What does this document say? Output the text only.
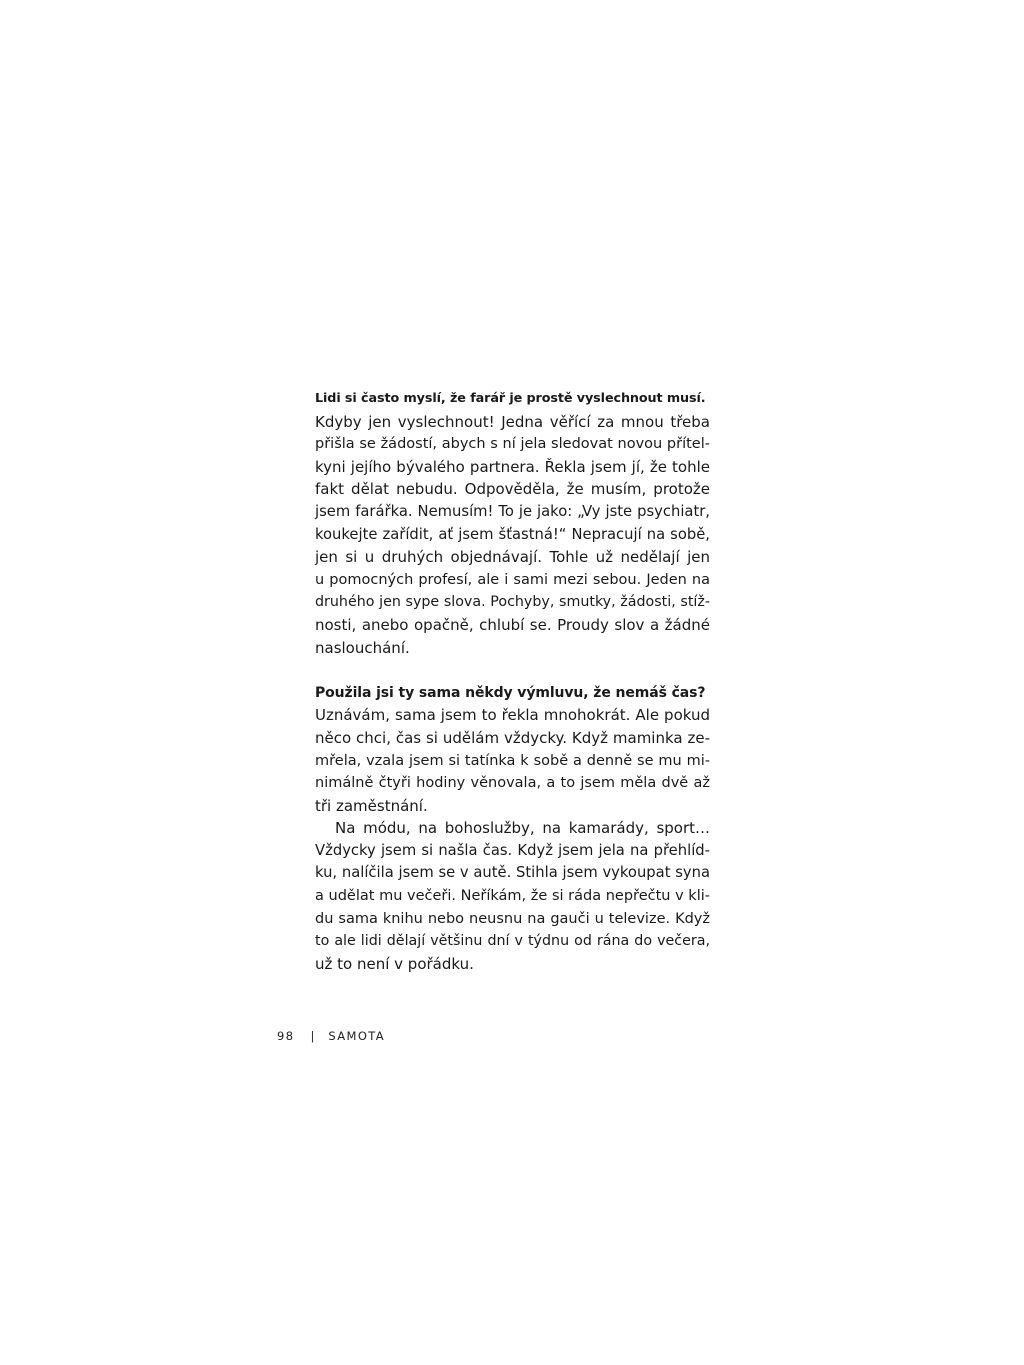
Lidi si často myslí, že farář je prostě vyslechnout musí.
Kdyby jen vyslechnout! Jedna věřící za mnou třeba
přišla se žádostí, abych s ní jela sledovat novou přítel-
kyni jejího bývalého partnera. Řekla jsem jí, že tohle
fakt dělat nebudu. Odpověděla, že musím, protože
jsem farářka. Nemusím! To je jako: „Vy jste psychiatr,
koukejte zařídit, ať jsem šťastná!“ Nepracují na sobě,
jen si u druhých objednávají. Tohle už nedělají jen
u pomocných profesí, ale i sami mezi sebou. Jeden na
druhého jen sype slova. Pochyby, smutky, žádosti, stíž-
nosti, anebo opačně, chlubí se. Proudy slov a žádné
naslouchání.
Použila jsi ty sama někdy výmluvu, že nemáš čas?
Uznávám, sama jsem to řekla mnohokrát. Ale pokud
něco chci, čas si udělám vždycky. Když maminka ze-
mřela, vzala jsem si tatínka k sobě a denně se mu mi-
nimálně čtyři hodiny věnovala, a to jsem měla dvě až
tři zaměstnání.
Na módu, na bohoslužby, na kamarády, sport…
Vždycky jsem si našla čas. Když jsem jela na přehlíd-
ku, nalíčila jsem se v autě. Stihla jsem vykoupat syna
a udělat mu večeři. Neříkám, že si ráda nepřečtu v kli-
du sama knihu nebo neusnu na gauči u televize. Když
to ale lidi dělají většinu dní v týdnu od rána do večera,
už to není v pořádku.
98 | SAMOTA
